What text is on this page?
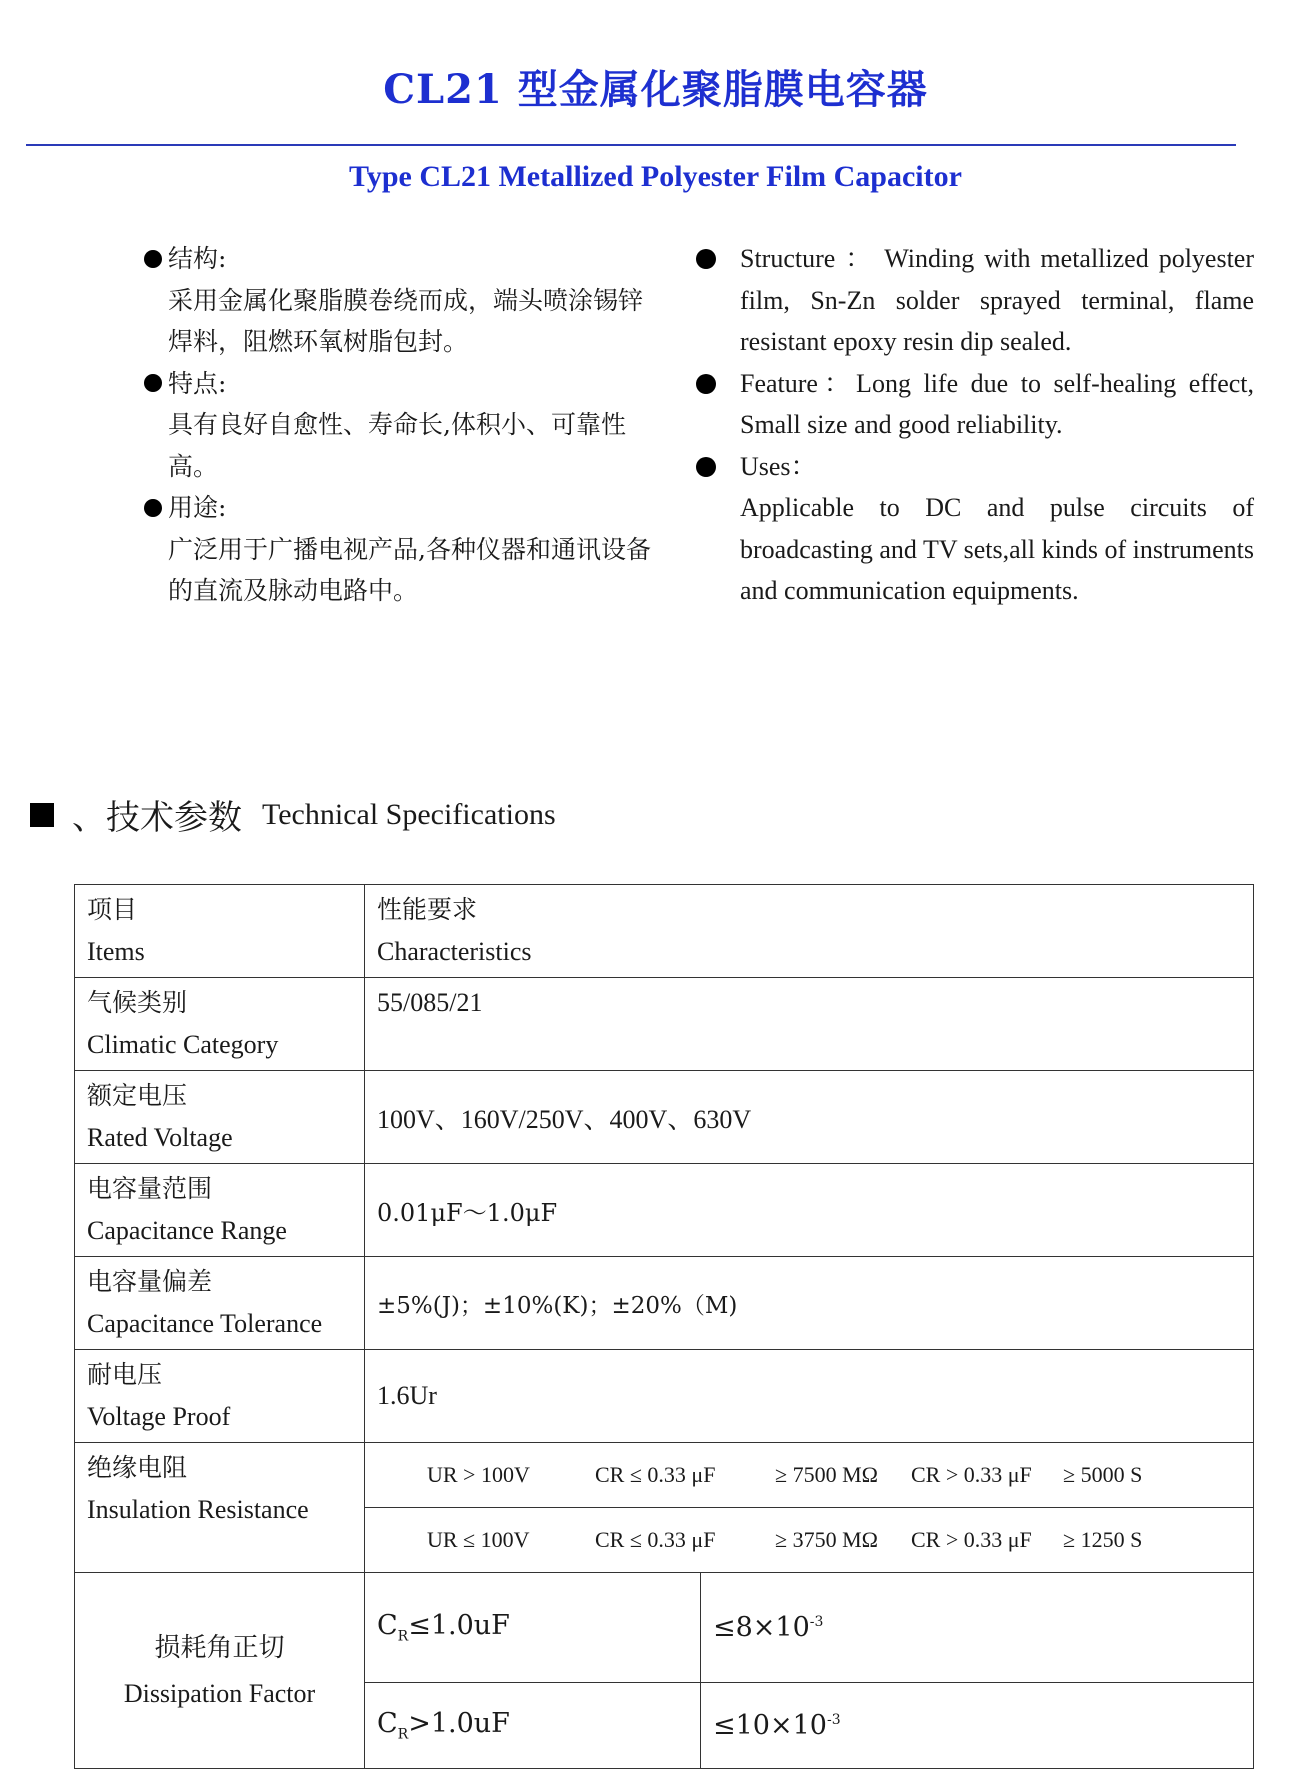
CL21 型金属化聚脂膜电容器
Type CL21 Metallized Polyester Film Capacitor
结构:
采用金属化聚脂膜卷绕而成，端头喷涂锡锌焊料，阻燃环氧树脂包封。
特点:
具有良好自愈性、寿命长,体积小、可靠性高。
用途:
广泛用于广播电视产品,各种仪器和通讯设备的直流及脉动电路中。
Structure ： Winding with metallized polyester film, Sn-Zn solder sprayed terminal, flame resistant epoxy resin dip sealed.
Feature：Long life due to self-healing effect, Small size and good reliability.
Uses：
Applicable to DC and pulse circuits of broadcasting and TV sets,all kinds of instruments and communication equipments.
、技术参数 Technical Specifications
项目
Items	性能要求
Characteristics	

气候类别
Climatic Category	55/085/21	

额定电压
Rated Voltage	100V、160V/250V、400V、630V	

电容量范围
Capacitance Range	0.01μF～1.0μF	

电容量偏差
Capacitance Tolerance	±5%(J)；±10%(K)；±20%（M)	

耐电压
Voltage Proof	1.6Ur	

绝缘电阻
Insulation Resistance	UR > 100V CR ≤ 0.33 μF ≥ 7500 MΩ CR > 0.33 μF ≥ 5000 S	
	UR ≤ 100V CR ≤ 0.33 μF ≥ 3750 MΩ CR > 0.33 μF ≥ 1250 S	

损耗角正切
Dissipation Factor	$C_R\le 1.0uF$	$\le 8\times 10^{-3}$
	$C_R>1.0uF$	$\le 10\times 10^{-3}$
